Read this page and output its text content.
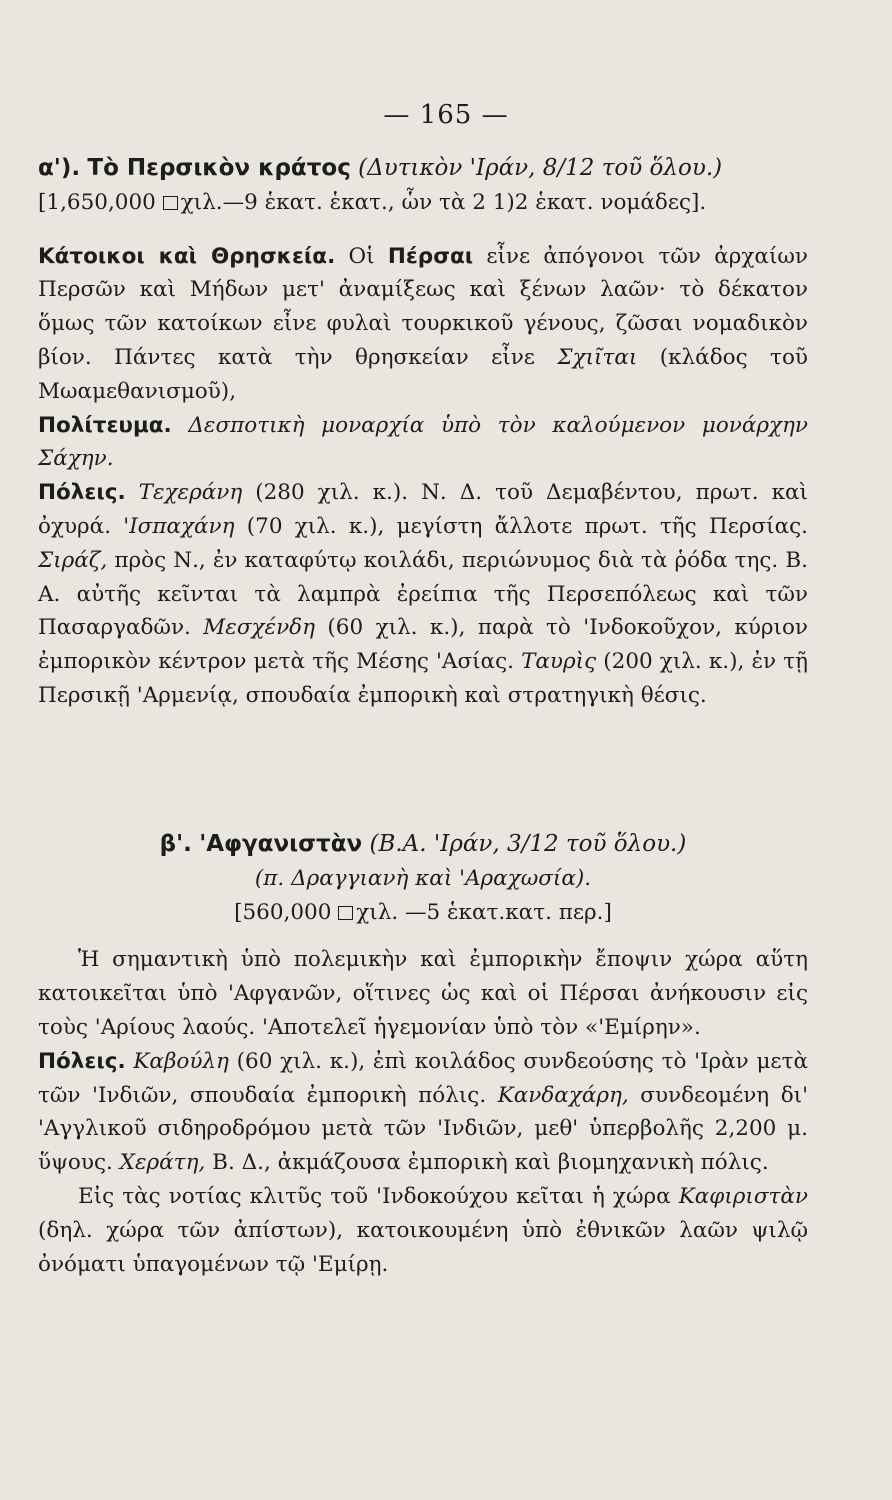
— 165 —

α'). Τὸ Περσικὸν κράτος (Δυτικὸν 'Ιράν, 8/12 τοῦ ὅλου.)

[1,650,000 χιλ.—9 ἑκατ. ἑκατ., ὧν τὰ 2 1)2 ἑκατ. νομάδες].

Κάτοικοι καὶ Θρησκεία. Οἱ Πέρσαι εἶνε ἀπόγονοι τῶν ἀρχαίων Περσῶν καὶ Μήδων μετ' ἀναμίξεως καὶ ξένων λαῶν· τὸ δέκατον ὅμως τῶν κατοίκων εἶνε φυλαὶ τουρκικοῦ γένους, ζῶσαι νομαδικὸν βίον. Πάντες κατὰ τὴν θρησκείαν εἶνε Σχιῖται (κλάδος τοῦ Μωαμεθανισμοῦ),

Πολίτευμα. Δεσποτικὴ μοναρχία ὑπὸ τὸν καλούμενον μονάρχην Σάχην.

Πόλεις. Τεχεράνη (280 χιλ. κ.). Ν. Δ. τοῦ Δεμαβέντου, πρωτ. καὶ ὀχυρά. 'Ισπαχάνη (70 χιλ. κ.), μεγίστη ἄλλοτε πρωτ. τῆς Περσίας. Σιράζ, πρὸς Ν., ἐν καταφύτῳ κοιλάδι, περιώνυμος διὰ τὰ ῥόδα της. Β. Α. αὐτῆς κεῖνται τὰ λαμπρὰ ἐρείπια τῆς Περσεπόλεως καὶ τῶν Πασαργαδῶν. Μεσχένδη (60 χιλ. κ.), παρὰ τὸ 'Ινδοκοῦχον, κύριον ἐμπορικὸν κέντρον μετὰ τῆς Μέσης 'Ασίας. Ταυρὶς (200 χιλ. κ.), ἐν τῇ Περσικῇ 'Αρμενίᾳ, σπουδαία ἐμπορικὴ καὶ στρατηγικὴ θέσις.

β'. 'Αφγανιστὰν (Β.Α. 'Ιράν, 3/12 τοῦ ὅλου.)

(π. Δραγγιανὴ καὶ 'Αραχωσία).

[560,000 χιλ. —5 ἑκατ.κατ. περ.]

Ἡ σημαντικὴ ὑπὸ πολεμικὴν καὶ ἐμπορικὴν ἔποψιν χώρα αὕτη κατοικεῖται ὑπὸ 'Αφγανῶν, οἵτινες ὡς καὶ οἱ Πέρσαι ἀνήκουσιν εἰς τοὺς 'Αρίους λαούς. 'Αποτελεῖ ἡγεμονίαν ὑπὸ τὸν «'Εμίρην».

Πόλεις. Καβούλη (60 χιλ. κ.), ἐπὶ κοιλάδος συνδεούσης τὸ 'Ιρὰν μετὰ τῶν 'Ινδιῶν, σπουδαία ἐμπορικὴ πόλις. Κανδαχάρη, συνδεομένη δι' 'Αγγλικοῦ σιδηροδρόμου μετὰ τῶν 'Ινδιῶν, μεθ' ὑπερβολῆς 2,200 μ. ὕψους. Χεράτη, Β. Δ., ἀκμάζουσα ἐμπορικὴ καὶ βιομηχανικὴ πόλις.

Εἰς τὰς νοτίας κλιτῦς τοῦ 'Ινδοκούχου κεῖται ἡ χώρα Καφιριστὰν (δηλ. χώρα τῶν ἀπίστων), κατοικουμένη ὑπὸ ἐθνικῶν λαῶν ψιλῷ ὀνόματι ὑπαγομένων τῷ 'Εμίρῃ.
